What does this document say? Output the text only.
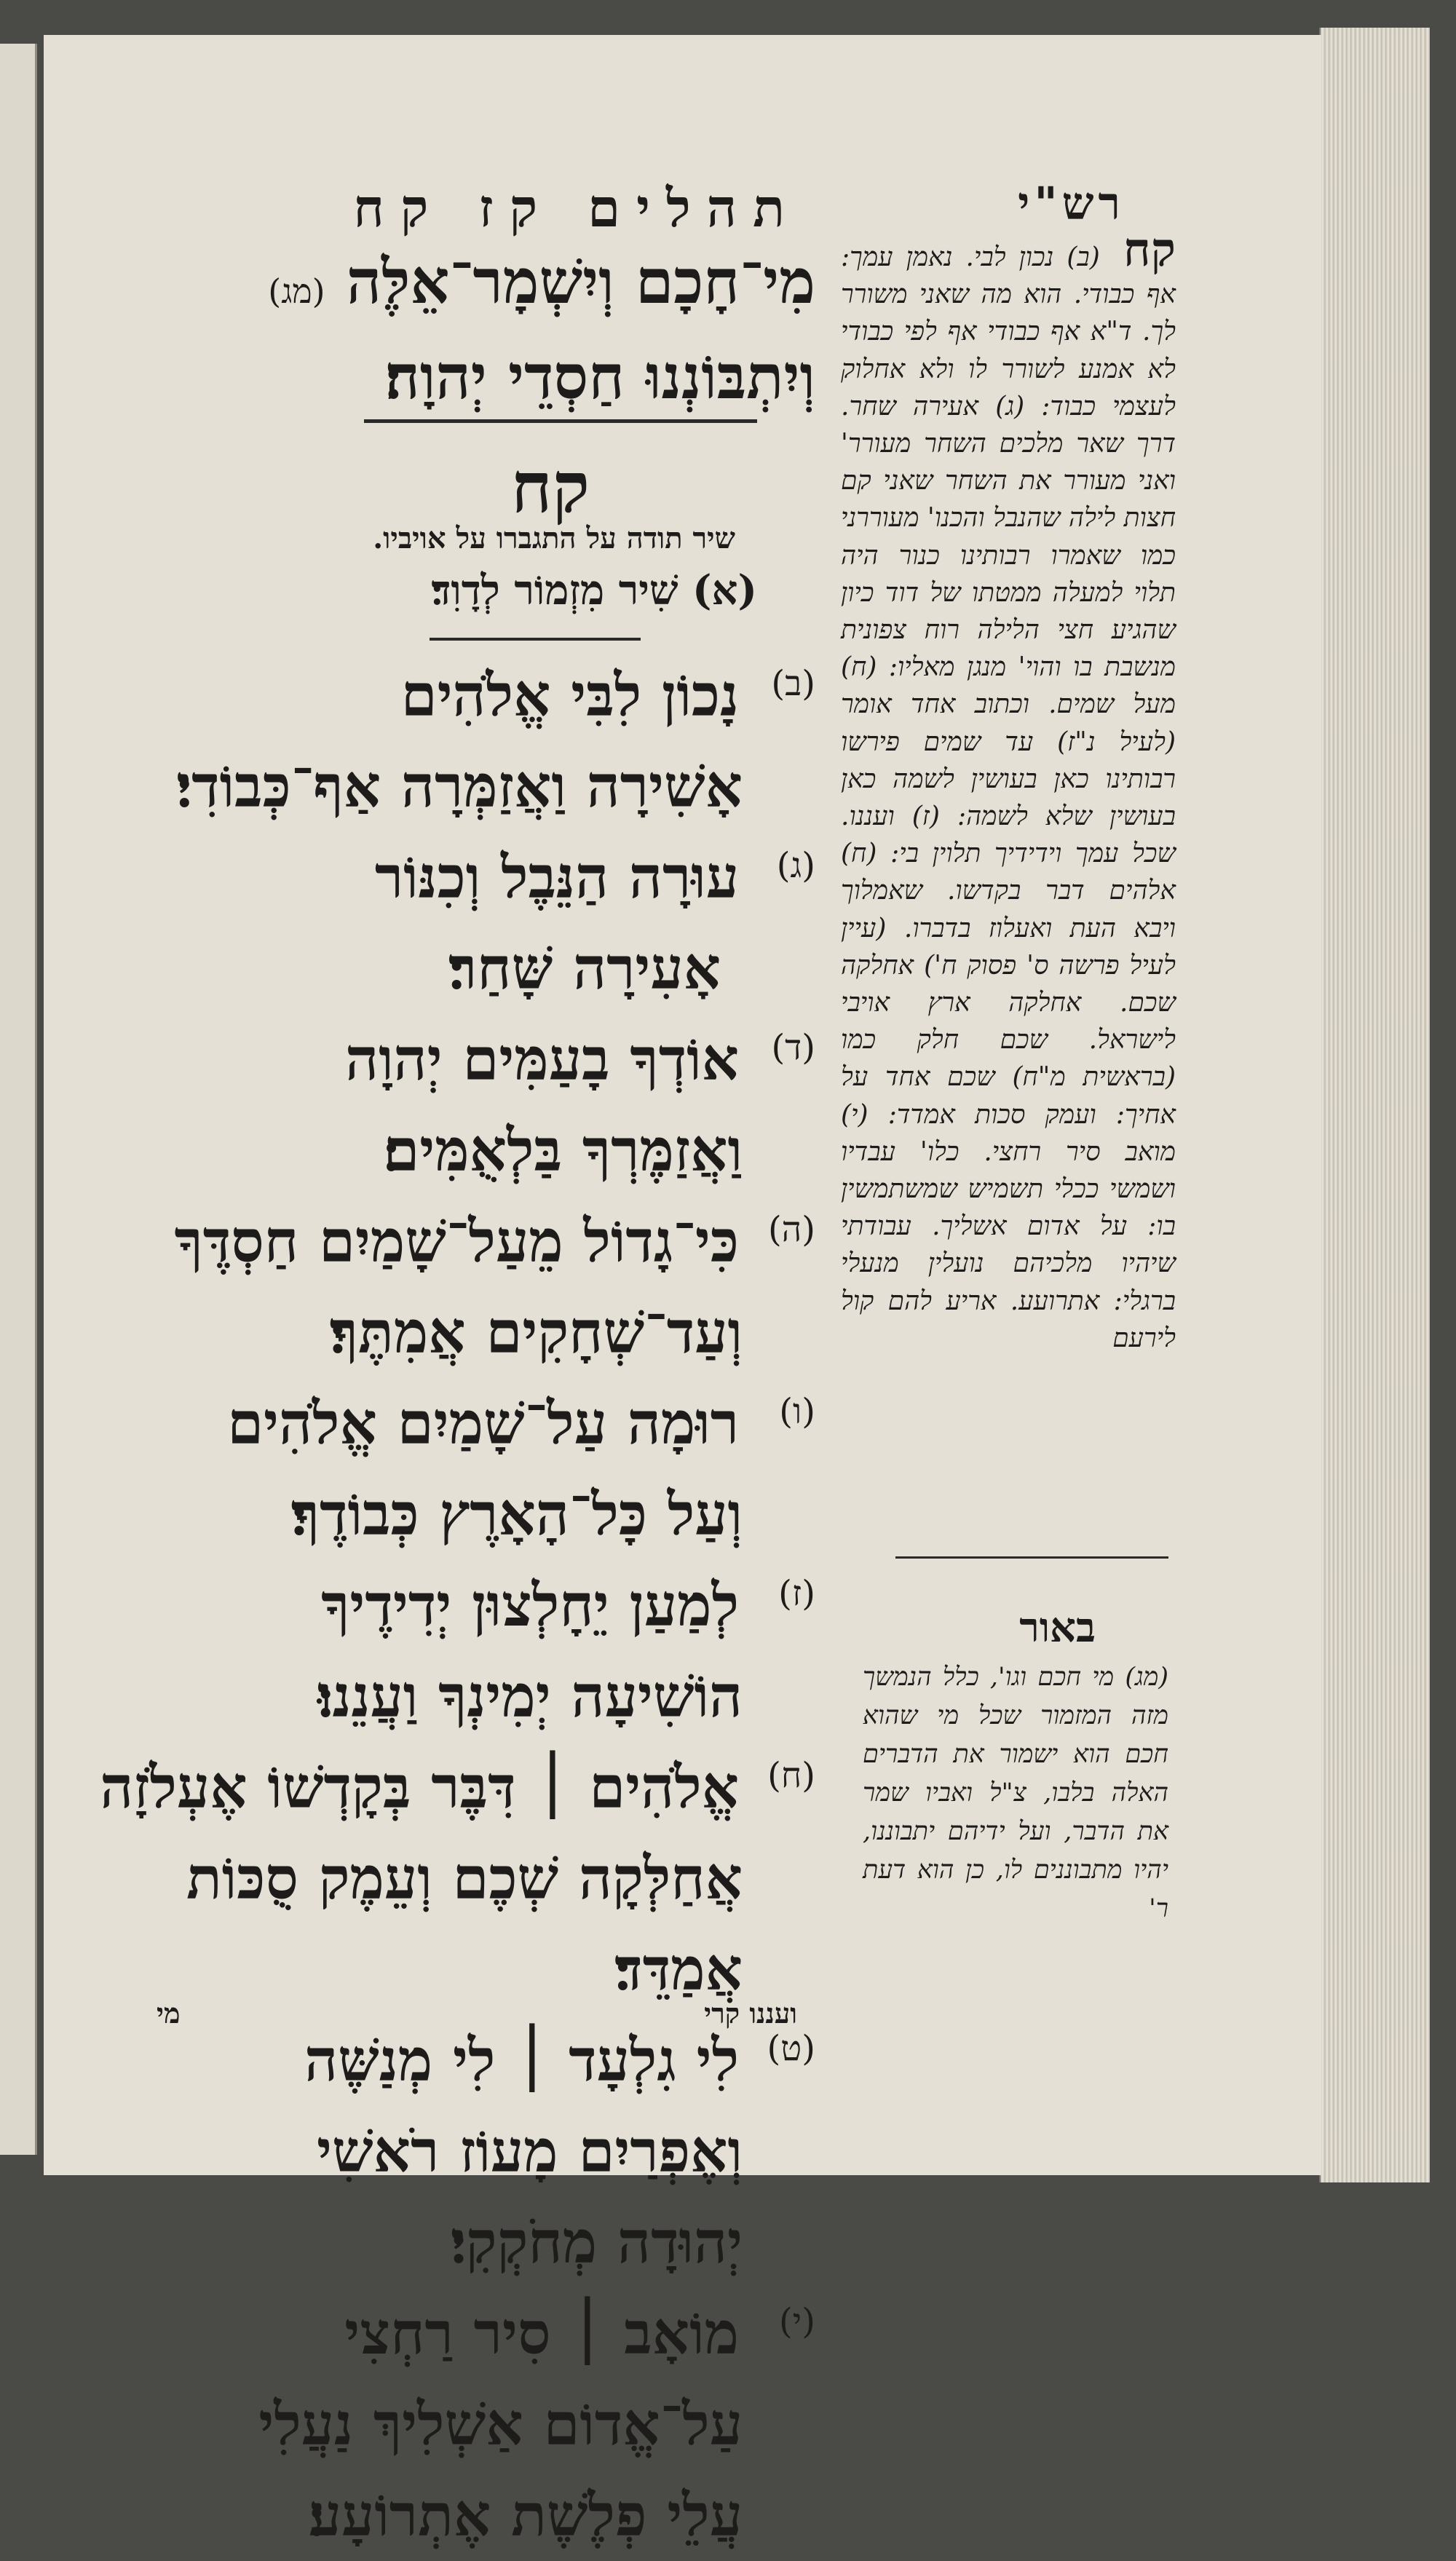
תהלים קז קח
מִי־חָכָם וְיִשְׁמָר־אֵלֶּה (מג)
וְיִתְבּוֹנְנוּ חַסְדֵי יְהוָה׃
קח
שיר תודה על התגברו על אויביו.
(א) שִׁיר מִזְמוֹר לְדָוִד׃
(ב)
נָכוֹן לִבִּי אֱלֹהִים
אָשִׁירָה וַאֲזַמְּרָה אַף־כְּבוֹדִי׃
(ג)
עוּרָה הַנֵּבֶל וְכִנּוֹר
אָעִירָה שָּׁחַר׃
(ד)
אוֹדְךָ בָעַמִּים יְהוָה
וַאֲזַמֶּרְךָ בַּלְאֻמִּים׃
(ה)
כִּי־גָדוֹל מֵעַל־שָׁמַיִם חַסְדֶּךָ
וְעַד־שְׁחָקִים אֲמִתֶּךָ׃
(ו)
רוּמָה עַל־שָׁמַיִם אֱלֹהִים
וְעַל כָּל־הָאָרֶץ כְּבוֹדֶךָ׃
(ז)
לְמַעַן יֵחָלְצוּן יְדִידֶיךָ
הוֹשִׁיעָה יְמִינְךָ וַעֲנֵנוּ׃
(ח)
אֱלֹהִים ׀ דִּבֶּר בְּקָדְשׁוֹ אֶעְלֹזָה
אֲחַלְּקָה שְׁכֶם וְעֵמֶק סֻכּוֹת אֲמַדֵּד׃
(ט)
לִי גִלְעָד ׀ לִי מְנַשֶּׁה
וְאֶפְרַיִם מָעוֹז רֹאשִׁי
יְהוּדָה מְחֹקְקִי׃
(י)
מוֹאָב ׀ סִיר רַחְצִי
עַל־אֱדוֹם אַשְׁלִיךְ נַעֲלִי
עֲלֵי פְלֶשֶׁת אֶתְרוֹעָע׃
ועננו קרי
מי
רש"י
קח (ב) נכון לבי. נאמן עמך: אף כבודי. הוא מה שאני משורר לך. ד"א אף כבודי אף לפי כבודי לא אמנע לשורר לו ולא אחלוק לעצמי כבוד: (ג) אעירה שחר. דרך שאר מלכים השחר מעורר' ואני מעורר את השחר שאני קם חצות לילה שהנבל והכנו' מעוררני כמו שאמרו רבותינו כנור היה תלוי למעלה ממטתו של דוד כיון שהגיע חצי הלילה רוח צפונית מנשבת בו והוי' מנגן מאליו: (ח) מעל שמים. וכתוב אחד אומר (לעיל נ"ז) עד שמים פירשו רבותינו כאן בעושין לשמה כאן בעושין שלא לשמה: (ז) ועננו. שכל עמך וידידיך תלוין בי: (ח) אלהים דבר בקדשו. שאמלוך ויבא העת ואעלוז בדברו. (עיין לעיל פרשה ס' פסוק ח') אחלקה שכם. אחלקה ארץ אויבי לישראל. שכם חלק כמו (בראשית מ"ח) שכם אחד על אחיך: ועמק סכות אמדד: (י) מואב סיר רחצי. כלו' עבדיו ושמשי ככלי תשמיש שמשתמשין בו: על אדום אשליך. עבודתי שיהיו מלכיהם נועלין מנעלי ברגלי: אתרועע. אריע להם קול לירעם
באור
(מג) מי חכם וגו', כלל הנמשך מזה המזמור שכל מי שהוא חכם הוא ישמור את הדברים האלה בלבו, צ"ל ואביו שמר את הדבר, ועל ידיהם יתבוננו, יהיו מתבוננים לו, כן הוא דעת ר'
